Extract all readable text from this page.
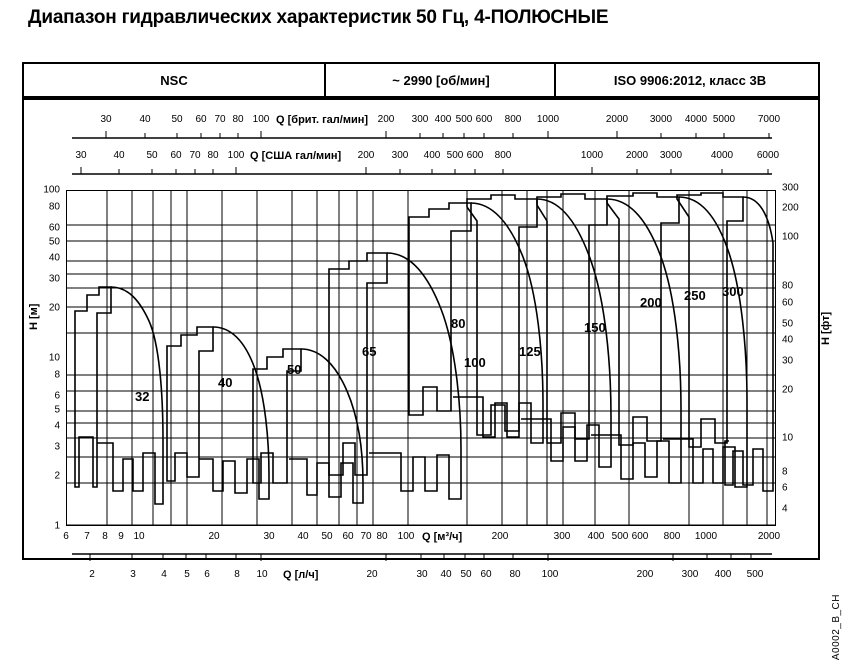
Диапазон гидравлических характеристик 50 Гц, 4-ПОЛЮСНЫЕ
NSC	~ 2990 [об/мин]	ISO 9906:2012, класс 3B
30	40 50 60 70 80 100 Q [брит. гал/мин] 200 300 400 500 600 800 1000	2000 3000 4000 5000 7000
30	40 50 60 70 80 100 Q [США гал/мин] 200 300 400 500 600 800	1000 2000 3000	4000 6000
H [м]
1
2
3
4
5
6
8
10
20
30
40
50
60
80
100
H [фт]
4
6
8
10
20
30
40
50
60
80
100
200
300
32
40
50
65
80
100
125
150
200 250 300
6 7 8 9 10	20	30 40 50 60 70 80 100 Q [м³/ч]	200	300 400 500 600 800 1000	2000
2	3	4 5 6 8 10 Q [л/ч]	20	30 40 50 60 80 100	200	300 400 500
A0002_B_CH
